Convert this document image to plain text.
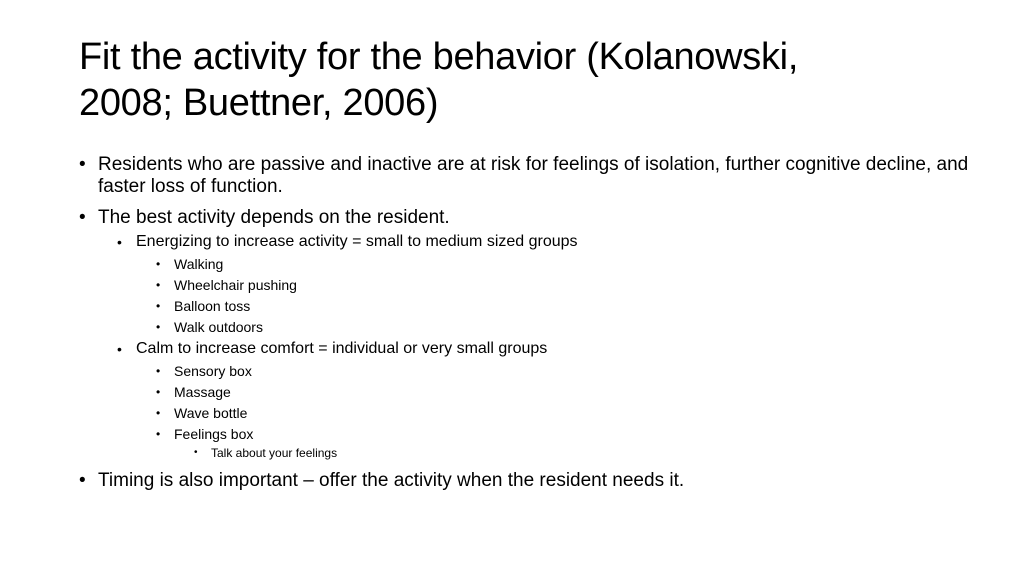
Fit the activity for the behavior (Kolanowski,
2008; Buettner, 2006)
• Residents who are passive and inactive are at risk for feelings of isolation, further cognitive decline, and faster loss of function.
• The best activity depends on the resident.
• Energizing to increase activity = small to medium sized groups
• Walking
• Wheelchair pushing
• Balloon toss
• Walk outdoors
• Calm to increase comfort = individual or very small groups
• Sensory box
• Massage
• Wave bottle
• Feelings box
• Talk about your feelings
• Timing is also important – offer the activity when the resident needs it.
